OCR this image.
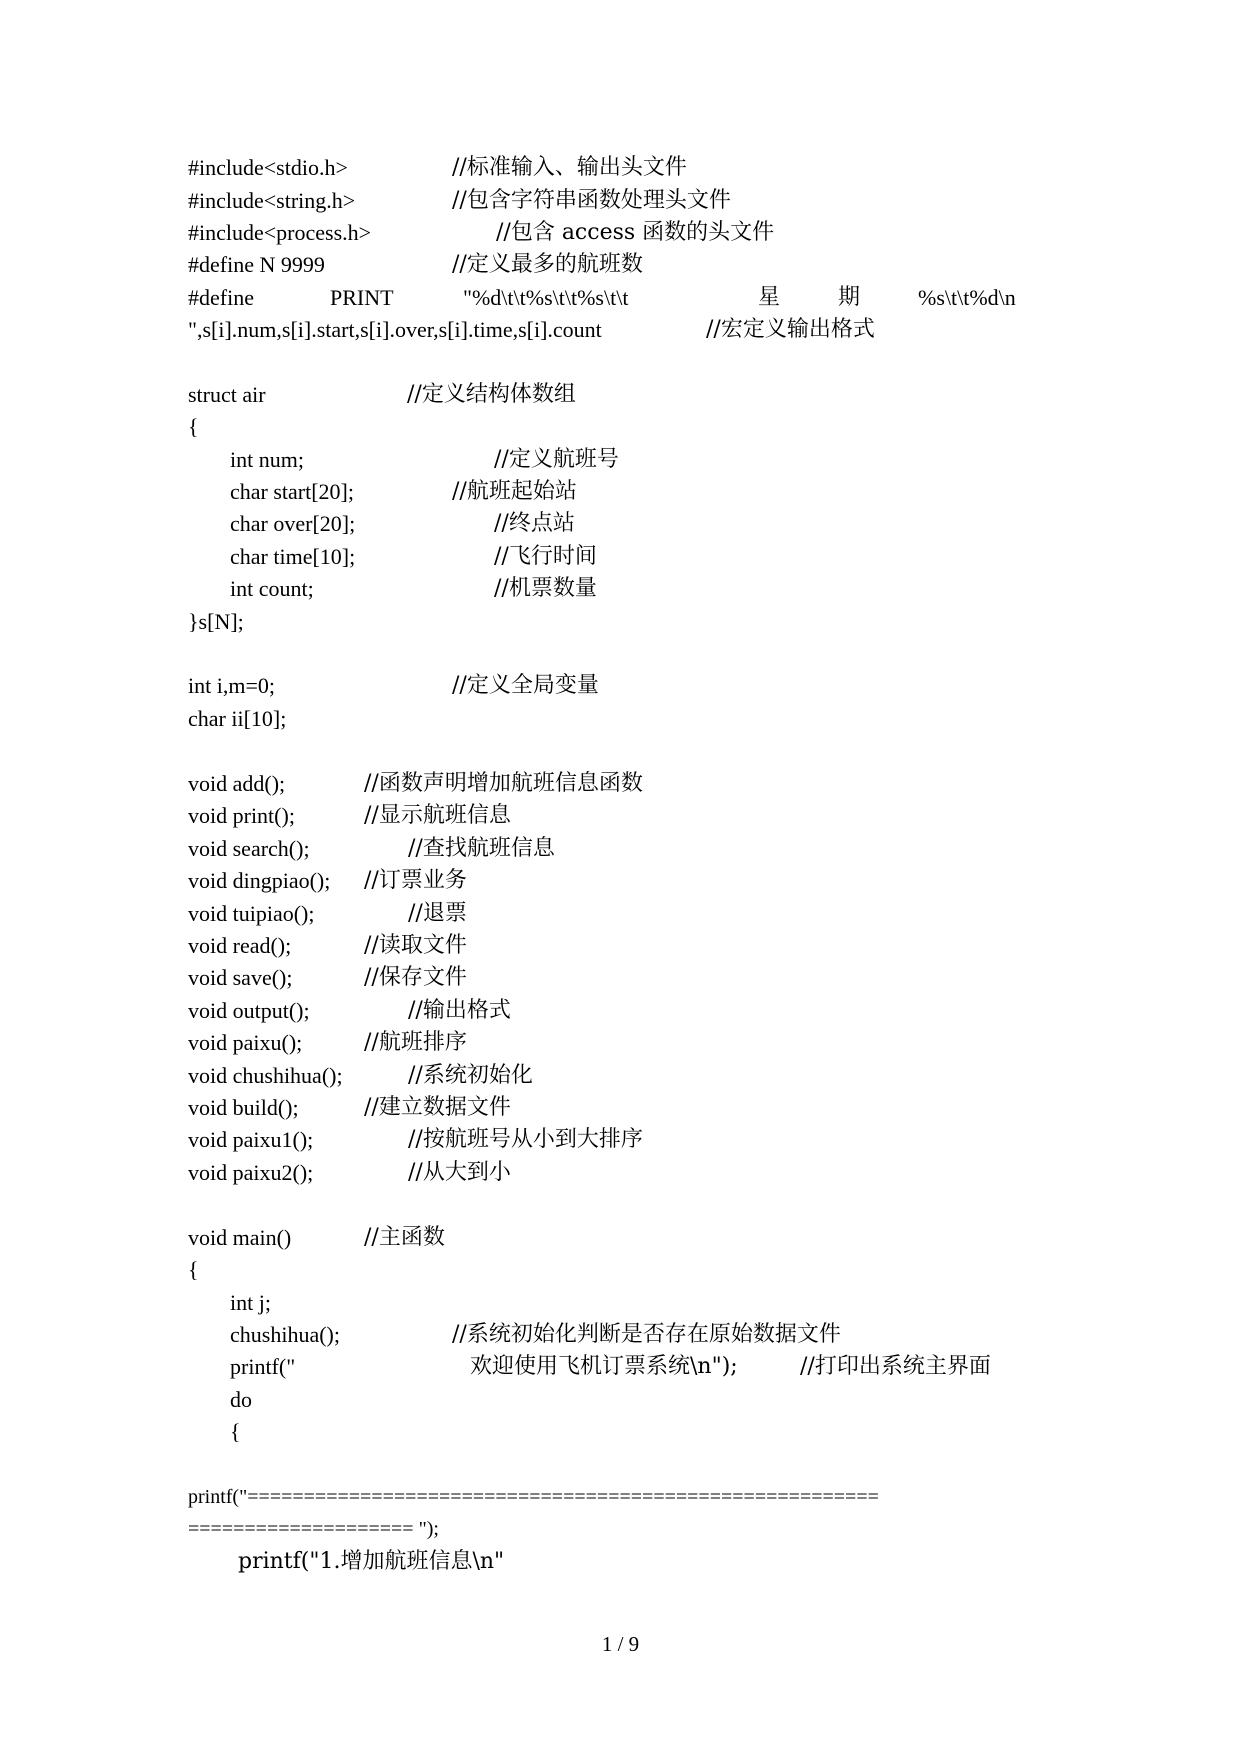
#include<stdio.h>	//标准输入、输出头文件
#include<string.h>	//包含字符串函数处理头文件
#include<process.h>	//包含 access 函数的头文件
#define N 9999	//定义最多的航班数
#define	PRINT	"%d\t\t%s\t\t%s\t\t	星	期	%s\t\t%d\n
",s[i].num,s[i].start,s[i].over,s[i].time,s[i].count	//宏定义输出格式
struct air	//定义结构体数组
{
int num;	//定义航班号
char start[20];	//航班起始站
char over[20];	//终点站
char time[10];	//飞行时间
int count;	//机票数量
}s[N];
int i,m=0;	//定义全局变量
char ii[10];
void add();	//函数声明增加航班信息函数
void print();	//显示航班信息
void search();	//查找航班信息
void dingpiao(); //订票业务
void tuipiao();	//退票
void read();	//读取文件
void save();	//保存文件
void output();	//输出格式
void paixu();	//航班排序
void chushihua();	//系统初始化
void build();	//建立数据文件
void paixu1();	//按航班号从小到大排序
void paixu2();	//从大到小
void main()	//主函数
{
int j;
chushihua();	//系统初始化判断是否存在原始数据文件
printf("	欢迎使用飞机订票系统\n");	//打印出系统主界面
do
{
printf("========================================================
==================== ");
printf("1.增加航班信息\n"
1 / 9
